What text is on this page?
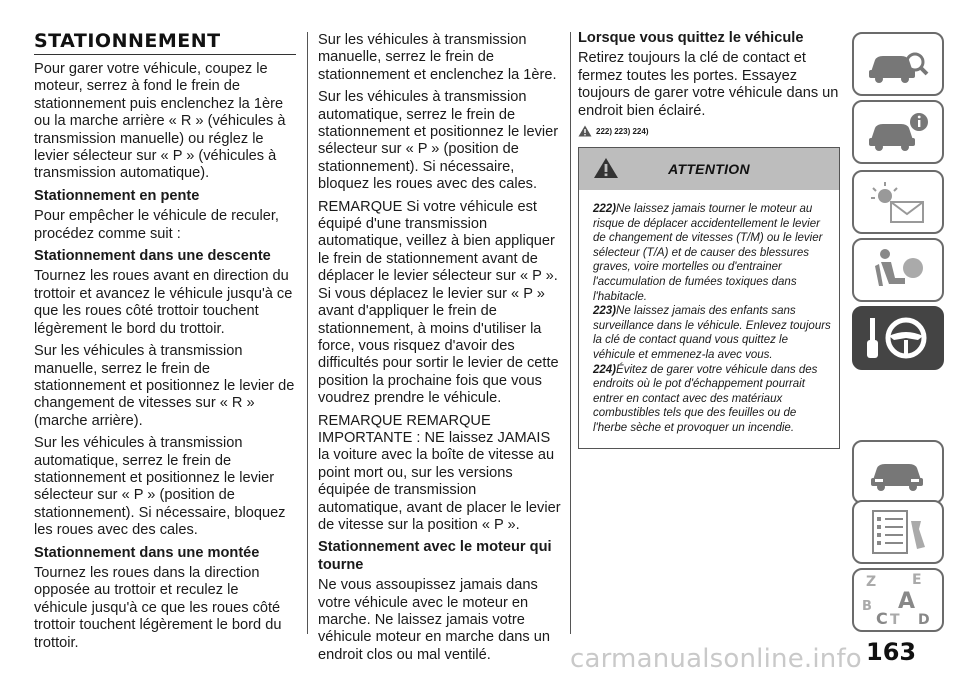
STATIONNEMENT

Pour garer votre véhicule, coupez le moteur, serrez à fond le frein de stationnement puis enclenchez la 1ère ou la marche arrière « R » (véhicules à transmission manuelle) ou réglez le levier sélecteur sur « P » (véhicules à transmission automatique).

Stationnement en pente

Pour empêcher le véhicule de reculer, procédez comme suit :

Stationnement dans une descente

Tournez les roues avant en direction du trottoir et avancez le véhicule jusqu'à ce que les roues côté trottoir touchent légèrement le bord du trottoir.

Sur les véhicules à transmission manuelle, serrez le frein de stationnement et positionnez le levier de changement de vitesses sur « R » (marche arrière).

Sur les véhicules à transmission automatique, serrez le frein de stationnement et positionnez le levier sélecteur sur « P » (position de stationnement). Si nécessaire, bloquez les roues avec des cales.

Stationnement dans une montée

Tournez les roues dans la direction opposée au trottoir et reculez le véhicule jusqu'à ce que les roues côté trottoir touchent légèrement le bord du trottoir.

Sur les véhicules à transmission manuelle, serrez le frein de stationnement et enclenchez la 1ère.

Sur les véhicules à transmission automatique, serrez le frein de stationnement et positionnez le levier sélecteur sur « P » (position de stationnement). Si nécessaire, bloquez les roues avec des cales.

REMARQUE Si votre véhicule est équipé d'une transmission automatique, veillez à bien appliquer le frein de stationnement avant de déplacer le levier sélecteur sur « P ». Si vous déplacez le levier sur « P » avant d'appliquer le frein de stationnement, à moins d'utiliser la force, vous risquez d'avoir des difficultés pour sortir le levier de cette position la prochaine fois que vous voudrez prendre le véhicule.

REMARQUE REMARQUE IMPORTANTE : NE laissez JAMAIS la voiture avec la boîte de vitesse au point mort ou, sur les versions équipée de transmission automatique, avant de placer le levier de vitesse sur la position « P ».

Stationnement avec le moteur qui tourne

Ne vous assoupissez jamais dans votre véhicule avec le moteur en marche. Ne laissez jamais votre véhicule moteur en marche dans un endroit clos ou mal ventilé.

Lorsque vous quittez le véhicule

Retirez toujours la clé de contact et fermez toutes les portes. Essayez toujours de garer votre véhicule dans un endroit bien éclairé.

222) 223) 224)
ATTENTION

222)Ne laissez jamais tourner le moteur au risque de déplacer accidentellement le levier de changement de vitesses (T/M) ou le levier sélecteur (T/A) et de causer des blessures graves, voire mortelles ou d'entrainer l'accumulation de fumées toxiques dans l'habitacle.

223)Ne laissez jamais des enfants sans surveillance dans le véhicule. Enlevez toujours la clé de contact quand vous quittez le véhicule et emmenez-la avec vous.

224)Évitez de garer votre véhicule dans des endroits où le pot d'échappement pourrait entrer en contact avec des matériaux combustibles tels que des feuilles ou de l'herbe sèche et provoquer un incendie.

Z	E
A
B
C T D
carmanualsonline.info 163
